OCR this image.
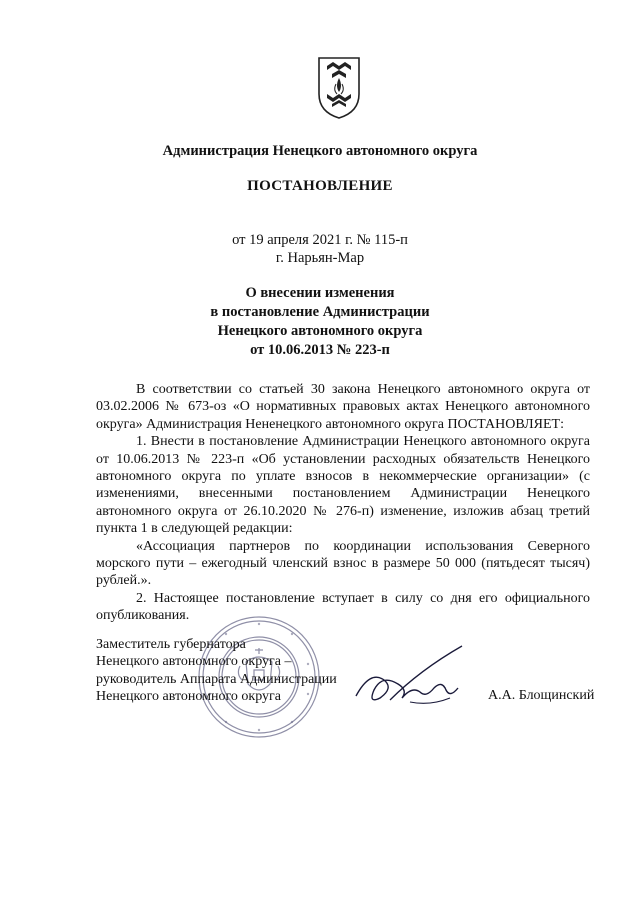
Администрация Ненецкого автономного округа
ПОСТАНОВЛЕНИЕ
от 19 апреля 2021 г. № 115-п
г. Нарьян-Мар
О внесении изменения
в постановление Администрации
Ненецкого автономного округа
от 10.06.2013 № 223-п

В соответствии со статьей 30 закона Ненецкого автономного округа от 03.02.2006 № 673-оз «О нормативных правовых актах Ненецкого автономного округа» Администрация Нененецкого автономного округа ПОСТАНОВЛЯЕТ:

1. Внести в постановление Администрации Ненецкого автономного округа от 10.06.2013 № 223-п «Об установлении расходных обязательств Ненецкого автономного округа по уплате взносов в некоммерческие организации» (с изменениями, внесенными постановлением Администрации Ненецкого автономного округа от 26.10.2020 № 276-п) изменение, изложив абзац третий пункта 1 в следующей редакции:

«Ассоциация партнеров по координации использования Северного морского пути – ежегодный членский взнос в размере 50 000 (пятьдесят тысяч) рублей.».

2. Настоящее постановление вступает в силу со дня его официального опубликования.

Заместитель губернатора
Ненецкого автономного округа –
руководитель Аппарата Администрации
Ненецкого автономного округа	А.А. Блощинский
